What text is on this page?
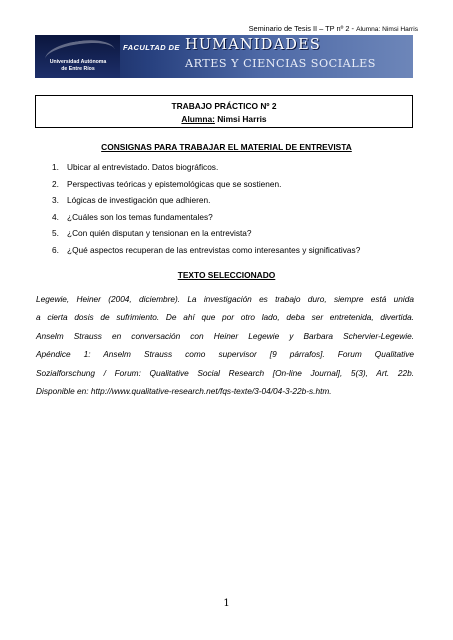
Seminario de Tesis II – TP nº 2 - Alumna: Nimsi Harris
Universidad Autónoma
de Entre Ríos
FACULTAD DE HUMANIDADES
ARTES Y CIENCIAS SOCIALES
TRABAJO PRÁCTICO Nº 2
Alumna: Nimsi Harris
CONSIGNAS PARA TRABAJAR EL MATERIAL DE ENTREVISTA
1. Ubicar al entrevistado. Datos biográficos.
2. Perspectivas teóricas y epistemológicas que se sostienen.
3. Lógicas de investigación que adhieren.
4. ¿Cuáles son los temas fundamentales?
5. ¿Con quién disputan y tensionan en la entrevista?
6. ¿Qué aspectos recuperan de las entrevistas como interesantes y significativas?
TEXTO SELECCIONADO
Legewie, Heiner (2004, diciembre). La investigación es trabajo duro, siempre está unida
a cierta dosis de sufrimiento. De ahí que por otro lado, deba ser entretenida, divertida.
Anselm Strauss en conversación con Heiner Legewie y Barbara Schervier-Legewie.
Apéndice 1: Anselm Strauss como supervisor [9 párrafos]. Forum Qualitative
Sozialforschung / Forum: Qualitative Social Research [On-line Journal], 5(3), Art. 22b.
Disponible en: http://www.qualitative-research.net/fqs-texte/3-04/04-3-22b-s.htm.
1
